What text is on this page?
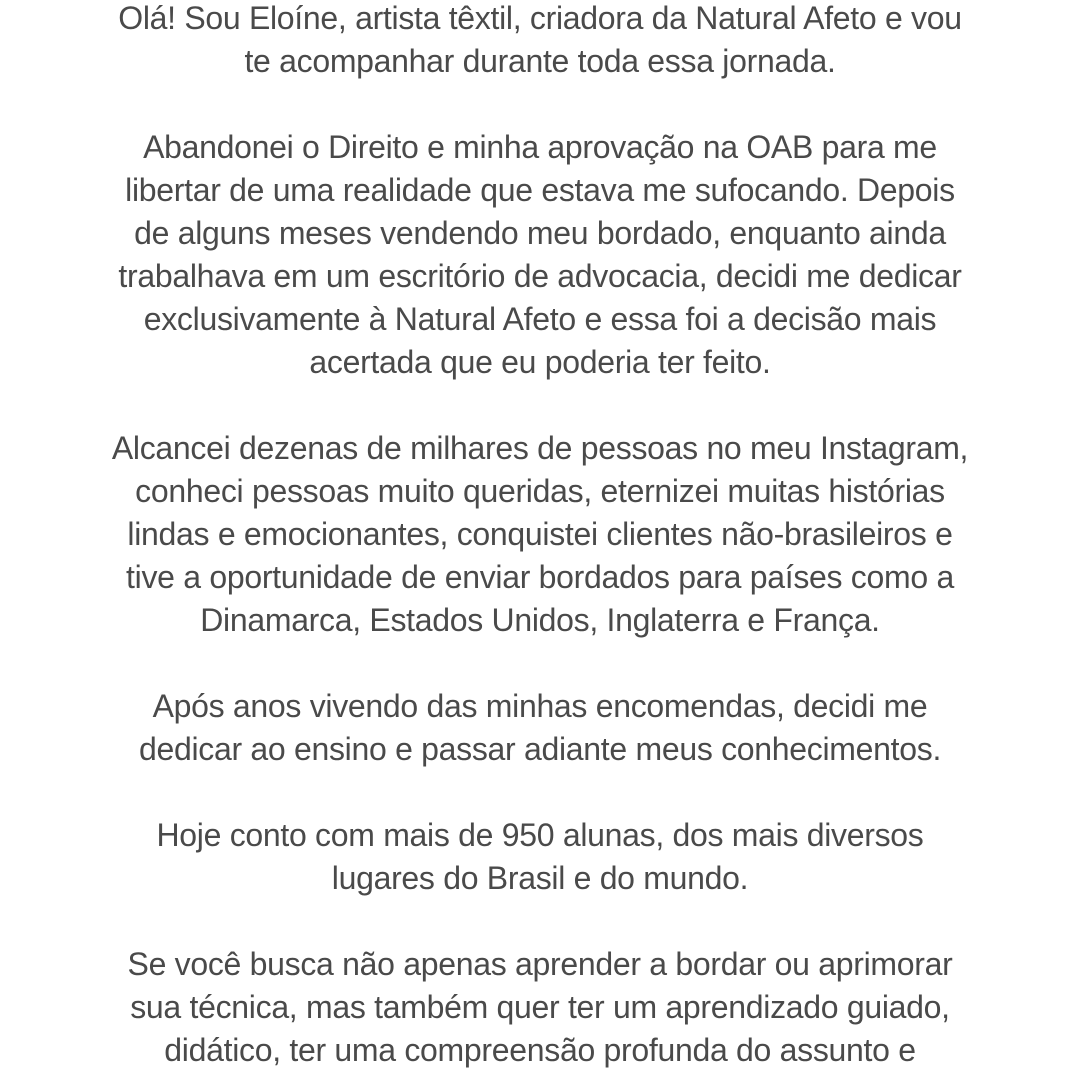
Olá! Sou Eloíne, artista têxtil, criadora da Natural Afeto e vou
te acompanhar durante toda essa jornada.

Abandonei o Direito e minha aprovação na OAB para me
libertar de uma realidade que estava me sufocando. Depois
de alguns meses vendendo meu bordado, enquanto ainda
trabalhava em um escritório de advocacia, decidi me dedicar
exclusivamente à Natural Afeto e essa foi a decisão mais
acertada que eu poderia ter feito.

Alcancei dezenas de milhares de pessoas no meu Instagram,
conheci pessoas muito queridas, eternizei muitas histórias
lindas e emocionantes, conquistei clientes não-brasileiros e
tive a oportunidade de enviar bordados para países como a
Dinamarca, Estados Unidos, Inglaterra e França.

Após anos vivendo das minhas encomendas, decidi me
dedicar ao ensino e passar adiante meus conhecimentos.

Hoje conto com mais de 950 alunas, dos mais diversos
lugares do Brasil e do mundo.

Se você busca não apenas aprender a bordar ou aprimorar
sua técnica, mas também quer ter um aprendizado guiado,
didático, ter uma compreensão profunda do assunto e
